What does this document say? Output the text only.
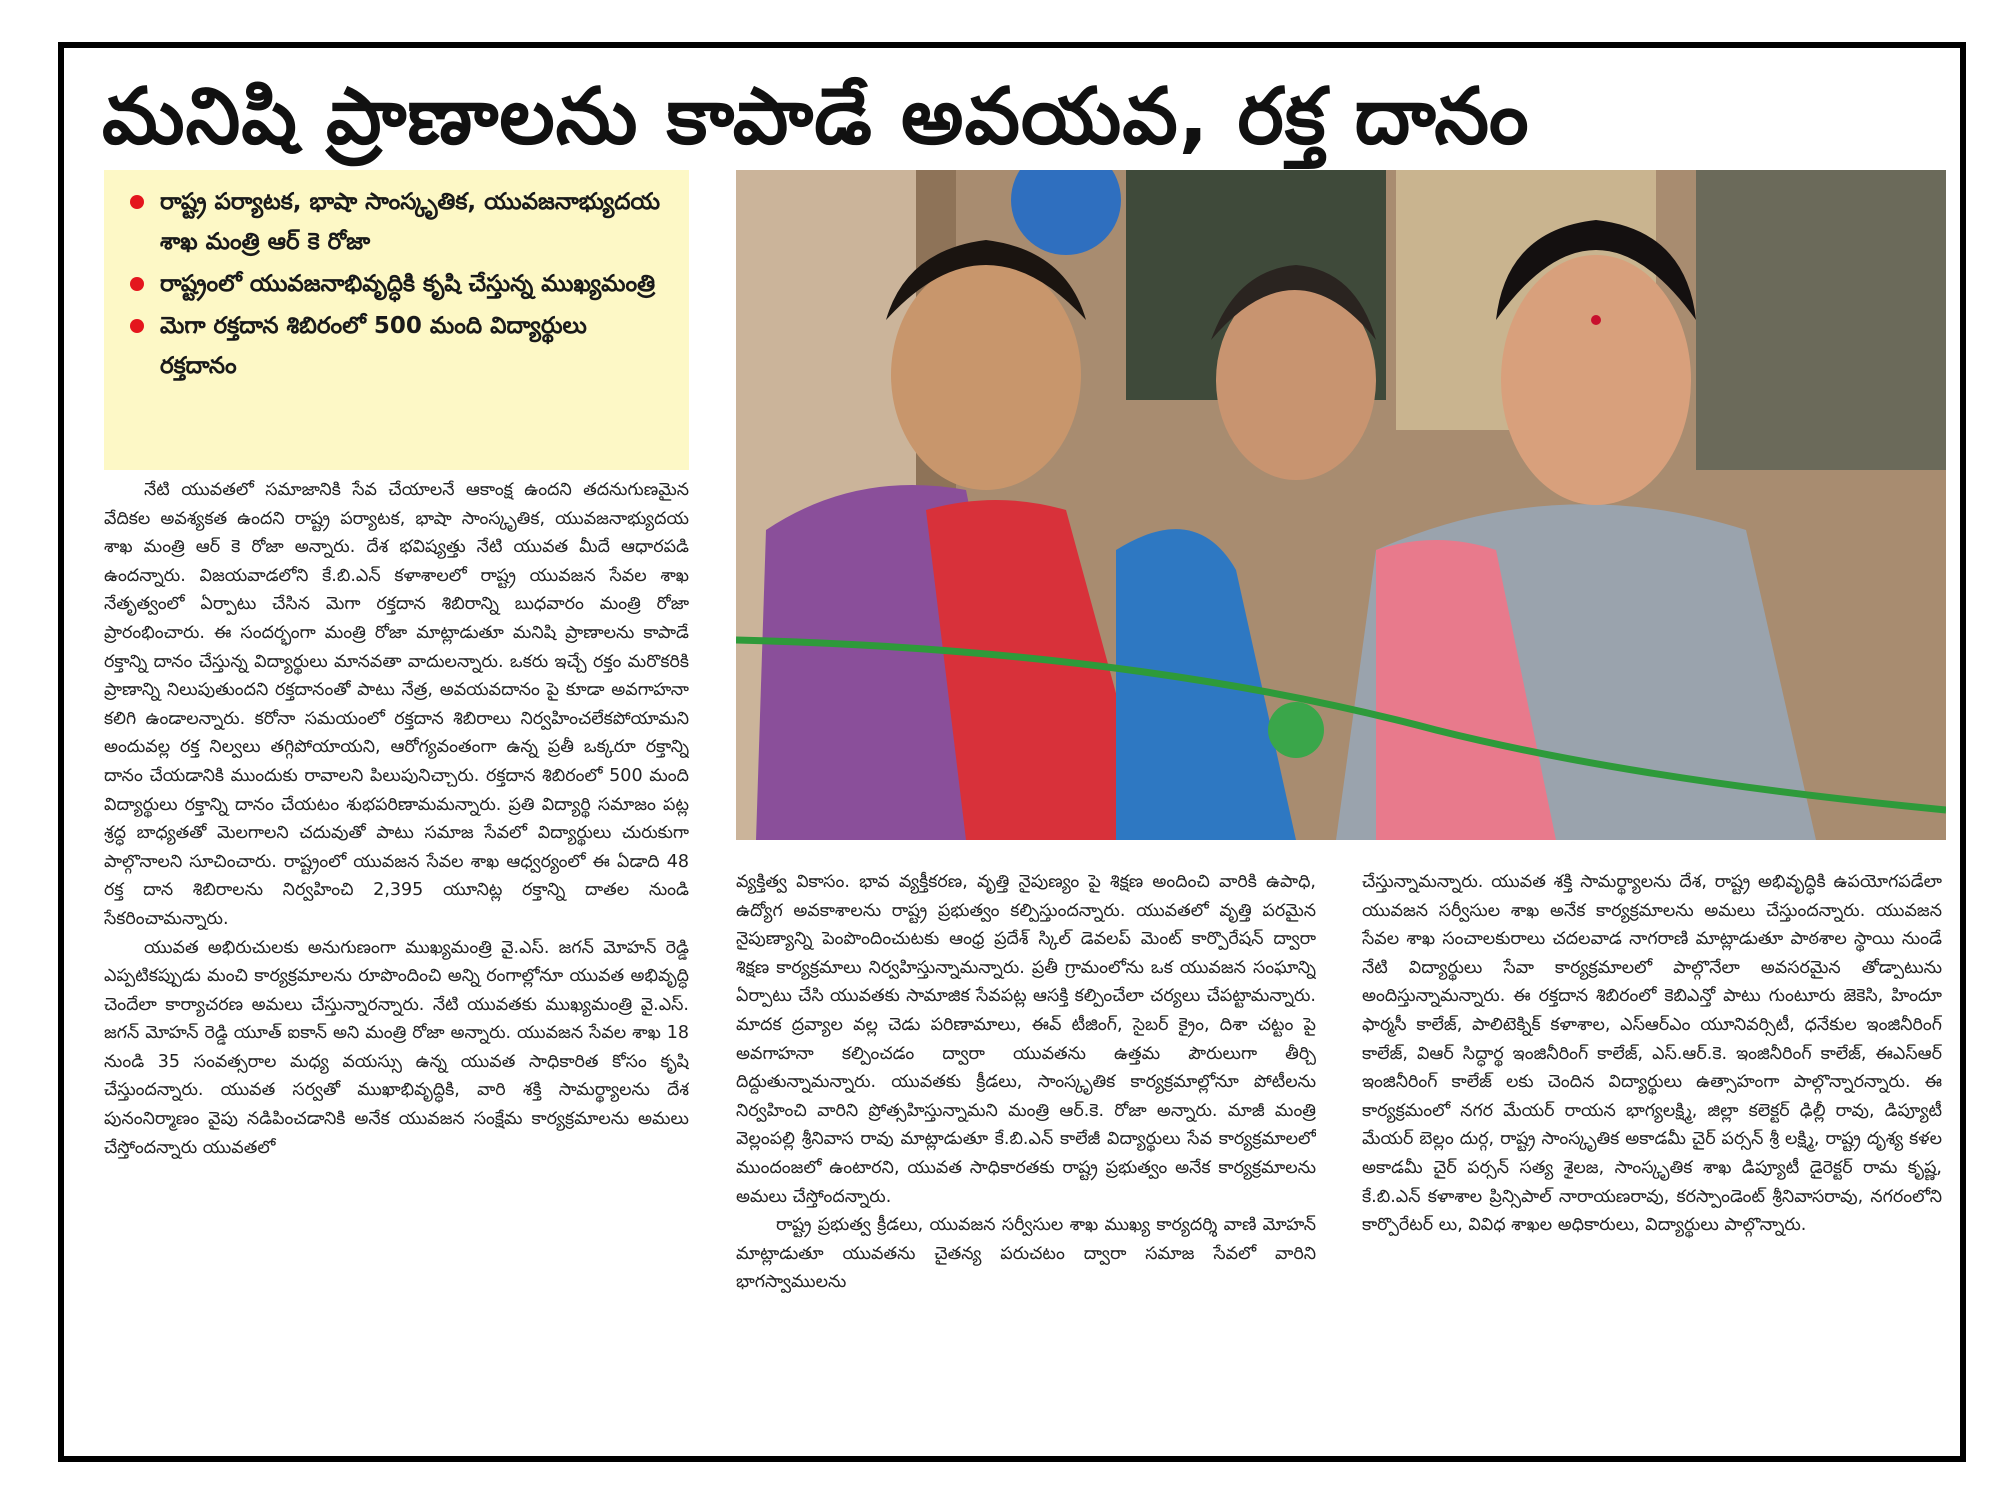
మనిషి ప్రాణాలను కాపాడే అవయవ, రక్త దానం
రాష్ట్ర పర్యాటక, భాషా సాంస్కృతిక, యువజనాభ్యుదయ శాఖ మంత్రి ఆర్ కె రోజా
రాష్ట్రంలో యువజనాభివృద్ధికి కృషి చేస్తున్న ముఖ్యమంత్రి
మెగా రక్తదాన శిబిరంలో 500 మంది విద్యార్థులు రక్తదానం

నేటి యువతలో సమాజానికి సేవ చేయాలనే ఆకాంక్ష ఉందని తదనుగుణమైన వేదికల అవశ్యకత ఉందని రాష్ట్ర పర్యాటక, భాషా సాంస్కృతిక, యువజనాభ్యుదయ శాఖ మంత్రి ఆర్ కె రోజా అన్నారు. దేశ భవిష్యత్తు నేటి యువత మీదే ఆధారపడి ఉందన్నారు. విజయవాడలోని కే.బి.ఎన్ కళాశాలలో రాష్ట్ర యువజన సేవల శాఖ నేతృత్వంలో ఏర్పాటు చేసిన మెగా రక్తదాన శిబిరాన్ని బుధవారం మంత్రి రోజా ప్రారంభించారు. ఈ సందర్భంగా మంత్రి రోజా మాట్లాడుతూ మనిషి ప్రాణాలను కాపాడే రక్తాన్ని దానం చేస్తున్న విద్యార్థులు మానవతా వాదులన్నారు. ఒకరు ఇచ్చే రక్తం మరొకరికి ప్రాణాన్ని నిలుపుతుందని రక్తదానంతో పాటు నేత్ర, అవయవదానం పై కూడా అవగాహనా కలిగి ఉండాలన్నారు. కరోనా సమయంలో రక్తదాన శిబిరాలు నిర్వహించలేకపోయామని అందువల్ల రక్త నిల్వలు తగ్గిపోయాయని, ఆరోగ్యవంతంగా ఉన్న ప్రతీ ఒక్కరూ రక్తాన్ని దానం చేయడానికి ముందుకు రావాలని పిలుపునిచ్చారు. రక్తదాన శిబిరంలో 500 మంది విద్యార్థులు రక్తాన్ని దానం చేయటం శుభపరిణామమన్నారు. ప్రతి విద్యార్థి సమాజం పట్ల శ్రద్ధ బాధ్యతతో మెలగాలని చదువుతో పాటు సమాజ సేవలో విద్యార్థులు చురుకుగా పాల్గొనాలని సూచించారు. రాష్ట్రంలో యువజన సేవల శాఖ ఆధ్వర్యంలో ఈ ఏడాది 48 రక్త దాన శిబిరాలను నిర్వహించి 2,395 యూనిట్ల రక్తాన్ని దాతల నుండి సేకరించామన్నారు.

యువత అభిరుచులకు అనుగుణంగా ముఖ్యమంత్రి వై.ఎస్. జగన్ మోహన్ రెడ్డి ఎప్పటికప్పుడు మంచి కార్యక్రమాలను రూపొందించి అన్ని రంగాల్లోనూ యువత అభివృద్ధి చెందేలా కార్యాచరణ అమలు చేస్తున్నారన్నారు. నేటి యువతకు ముఖ్యమంత్రి వై.ఎస్. జగన్ మోహన్ రెడ్డి యూత్ ఐకాన్ అని మంత్రి రోజా అన్నారు. యువజన సేవల శాఖ 18 నుండి 35 సంవత్సరాల మధ్య వయస్సు ఉన్న యువత సాధికారిత కోసం కృషి చేస్తుందన్నారు. యువత సర్వతో ముఖాభివృద్ధికి, వారి శక్తి సామర్థ్యాలను దేశ పునంనిర్మాణం వైపు నడిపించడానికి అనేక యువజన సంక్షేమ కార్యక్రమాలను అమలు చేస్తోందన్నారు యువతలో

వ్యక్తిత్వ వికాసం. భావ వ్యక్తీకరణ, వృత్తి నైపుణ్యం పై శిక్షణ అందించి వారికి ఉపాధి, ఉద్యోగ అవకాశాలను రాష్ట్ర ప్రభుత్వం కల్పిస్తుందన్నారు. యువతలో వృత్తి పరమైన నైపుణ్యాన్ని పెంపొందించుటకు ఆంధ్ర ప్రదేశ్ స్కిల్ డెవలప్ మెంట్ కార్పొరేషన్ ద్వారా శిక్షణ కార్యక్రమాలు నిర్వహిస్తున్నామన్నారు. ప్రతీ గ్రామంలోను ఒక యువజన సంఘాన్ని ఏర్పాటు చేసి యువతకు సామాజిక సేవపట్ల ఆసక్తి కల్పించేలా చర్యలు చేపట్టామన్నారు. మాదక ద్రవ్యాల వల్ల చెడు పరిణామాలు, ఈవ్ టీజింగ్, సైబర్ క్రైం, దిశా చట్టం పై అవగాహనా కల్పించడం ద్వారా యువతను ఉత్తమ పౌరులుగా తీర్చి దిద్దుతున్నామన్నారు. యువతకు క్రీడలు, సాంస్కృతిక కార్యక్రమాల్లోనూ పోటీలను నిర్వహించి వారిని ప్రోత్సహిస్తున్నామని మంత్రి ఆర్.కె. రోజా అన్నారు. మాజీ మంత్రి వెల్లంపల్లి శ్రీనివాస రావు మాట్లాడుతూ కే.బి.ఎన్ కాలేజీ విద్యార్థులు సేవ కార్యక్రమాలలో ముందంజలో ఉంటారని, యువత సాధికారతకు రాష్ట్ర ప్రభుత్వం అనేక కార్యక్రమాలను అమలు చేస్తోందన్నారు.

రాష్ట్ర ప్రభుత్వ క్రీడలు, యువజన సర్వీసుల శాఖ ముఖ్య కార్యదర్శి వాణి మోహన్ మాట్లాడుతూ యువతను చైతన్య పరుచటం ద్వారా సమాజ సేవలో వారిని భాగస్వాములను

చేస్తున్నామన్నారు. యువత శక్తి సామర్థ్యాలను దేశ, రాష్ట్ర అభివృద్ధికి ఉపయోగపడేలా యువజన సర్వీసుల శాఖ అనేక కార్యక్రమాలను అమలు చేస్తుందన్నారు. యువజన సేవల శాఖ సంచాలకురాలు చదలవాడ నాగరాణి మాట్లాడుతూ పాఠశాల స్థాయి నుండే నేటి విద్యార్థులు సేవా కార్యక్రమాలలో పాల్గొనేలా అవసరమైన తోడ్పాటును అందిస్తున్నామన్నారు. ఈ రక్తదాన శిబిరంలో కెబిఎన్తో పాటు గుంటూరు జెకెసి, హిందూ ఫార్మసీ కాలేజ్, పాలిటెక్నిక్ కళాశాల, ఎస్ఆర్ఎం యూనివర్సిటీ, ధనేకుల ఇంజినీరింగ్ కాలేజ్, విఆర్ సిద్ధార్థ ఇంజినీరింగ్ కాలేజ్, ఎస్.ఆర్.కె. ఇంజినీరింగ్ కాలేజ్, ఈఎస్ఆర్ ఇంజినీరింగ్ కాలేజ్ లకు చెందిన విద్యార్థులు ఉత్సాహంగా పాల్గొన్నారన్నారు. ఈ కార్యక్రమంలో నగర మేయర్ రాయన భాగ్యలక్ష్మి, జిల్లా కలెక్టర్ ఢిల్లీ రావు, డిప్యూటీ మేయర్ బెల్లం దుర్గ, రాష్ట్ర సాంస్కృతిక అకాడమీ చైర్ పర్సన్ శ్రీ లక్ష్మి, రాష్ట్ర దృశ్య కళల అకాడమీ చైర్ పర్సన్ సత్య శైలజ, సాంస్కృతిక శాఖ డిప్యూటీ డైరెక్టర్ రామ కృష్ణ, కే.బి.ఎన్ కళాశాల ప్రిన్సిపాల్ నారాయణరావు, కరస్పాండెంట్ శ్రీనివాసరావు, నగరంలోని కార్పొరేటర్ లు, వివిధ శాఖల అధికారులు, విద్యార్థులు పాల్గొన్నారు.
